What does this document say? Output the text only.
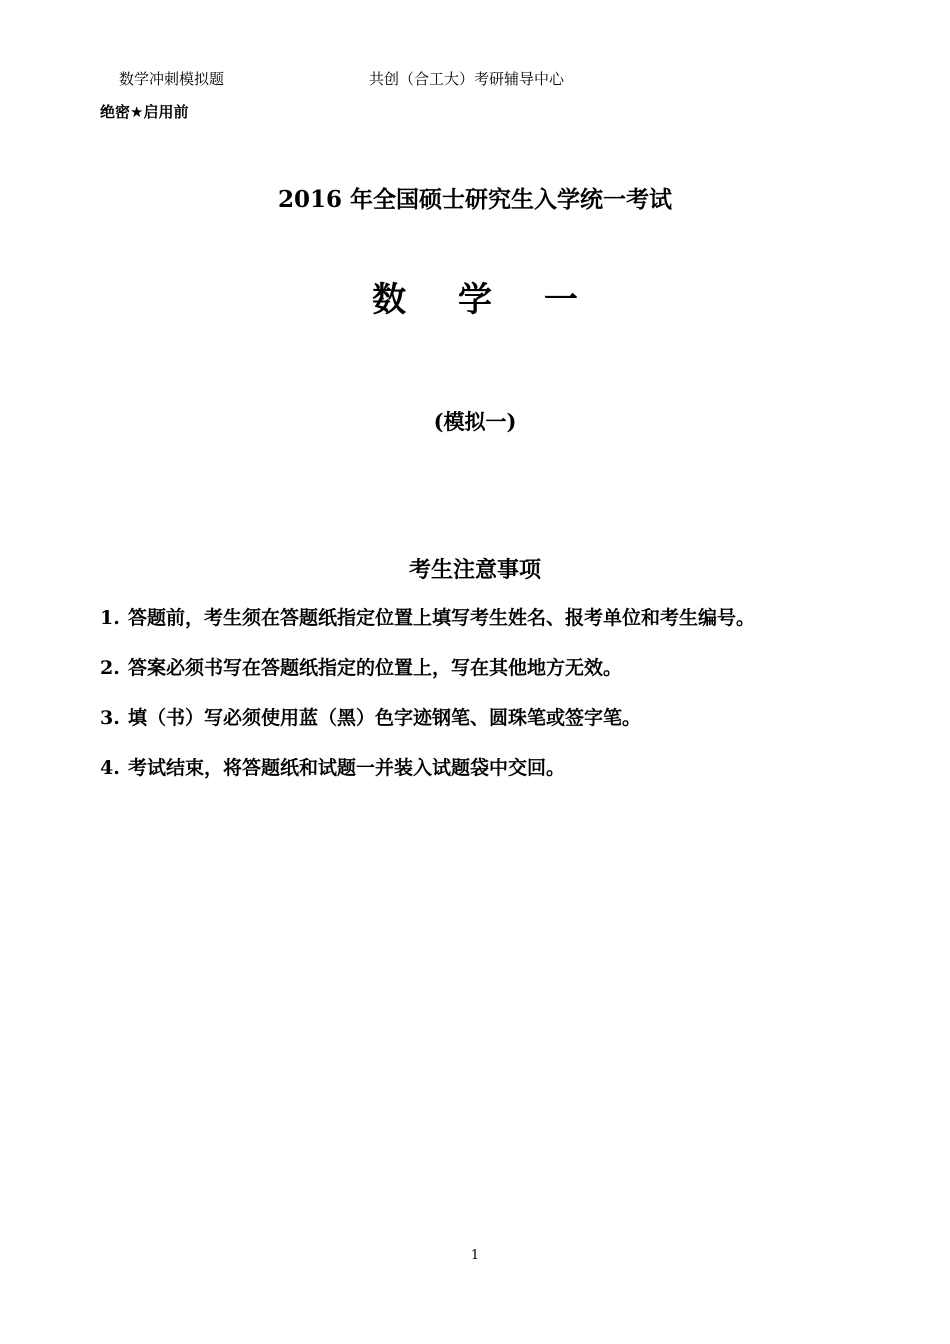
数学冲刺模拟题	共创（合工大）考研辅导中心
绝密★启用前
2016 年全国硕士研究生入学统一考试
数 学 一
(模拟一)
考生注意事项
1. 答题前，考生须在答题纸指定位置上填写考生姓名、报考单位和考生编号。
2. 答案必须书写在答题纸指定的位置上，写在其他地方无效。
3. 填（书）写必须使用蓝（黑）色字迹钢笔、圆珠笔或签字笔。
4. 考试结束，将答题纸和试题一并装入试题袋中交回。
1
